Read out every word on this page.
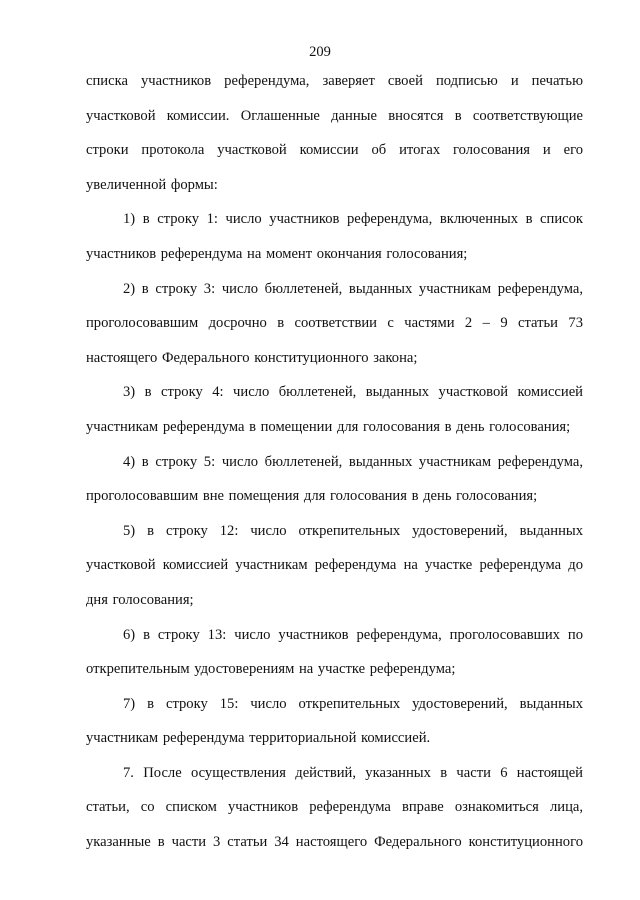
209

списка участников референдума, заверяет своей подписью и печатью участковой комиссии. Оглашенные данные вносятся в соответствующие строки протокола участковой комиссии об итогах голосования и его увеличенной формы:

1) в строку 1: число участников референдума, включенных в список участников референдума на момент окончания голосования;

2) в строку 3: число бюллетеней, выданных участникам референдума, проголосовавшим досрочно в соответствии с частями 2 – 9 статьи 73 настоящего Федерального конституционного закона;

3) в строку 4: число бюллетеней, выданных участковой комиссией участникам референдума в помещении для голосования в день голосования;

4) в строку 5: число бюллетеней, выданных участникам референдума, проголосовавшим вне помещения для голосования в день голосования;

5) в строку 12: число открепительных удостоверений, выданных участковой комиссией участникам референдума на участке референдума до дня голосования;

6) в строку 13: число участников референдума, проголосовавших по открепительным удостоверениям на участке референдума;

7) в строку 15: число открепительных удостоверений, выданных участникам референдума территориальной комиссией.

7. После осуществления действий, указанных в части 6 настоящей статьи, со списком участников референдума вправе ознакомиться лица, указанные в части 3 статьи 34 настоящего Федерального конституционного
